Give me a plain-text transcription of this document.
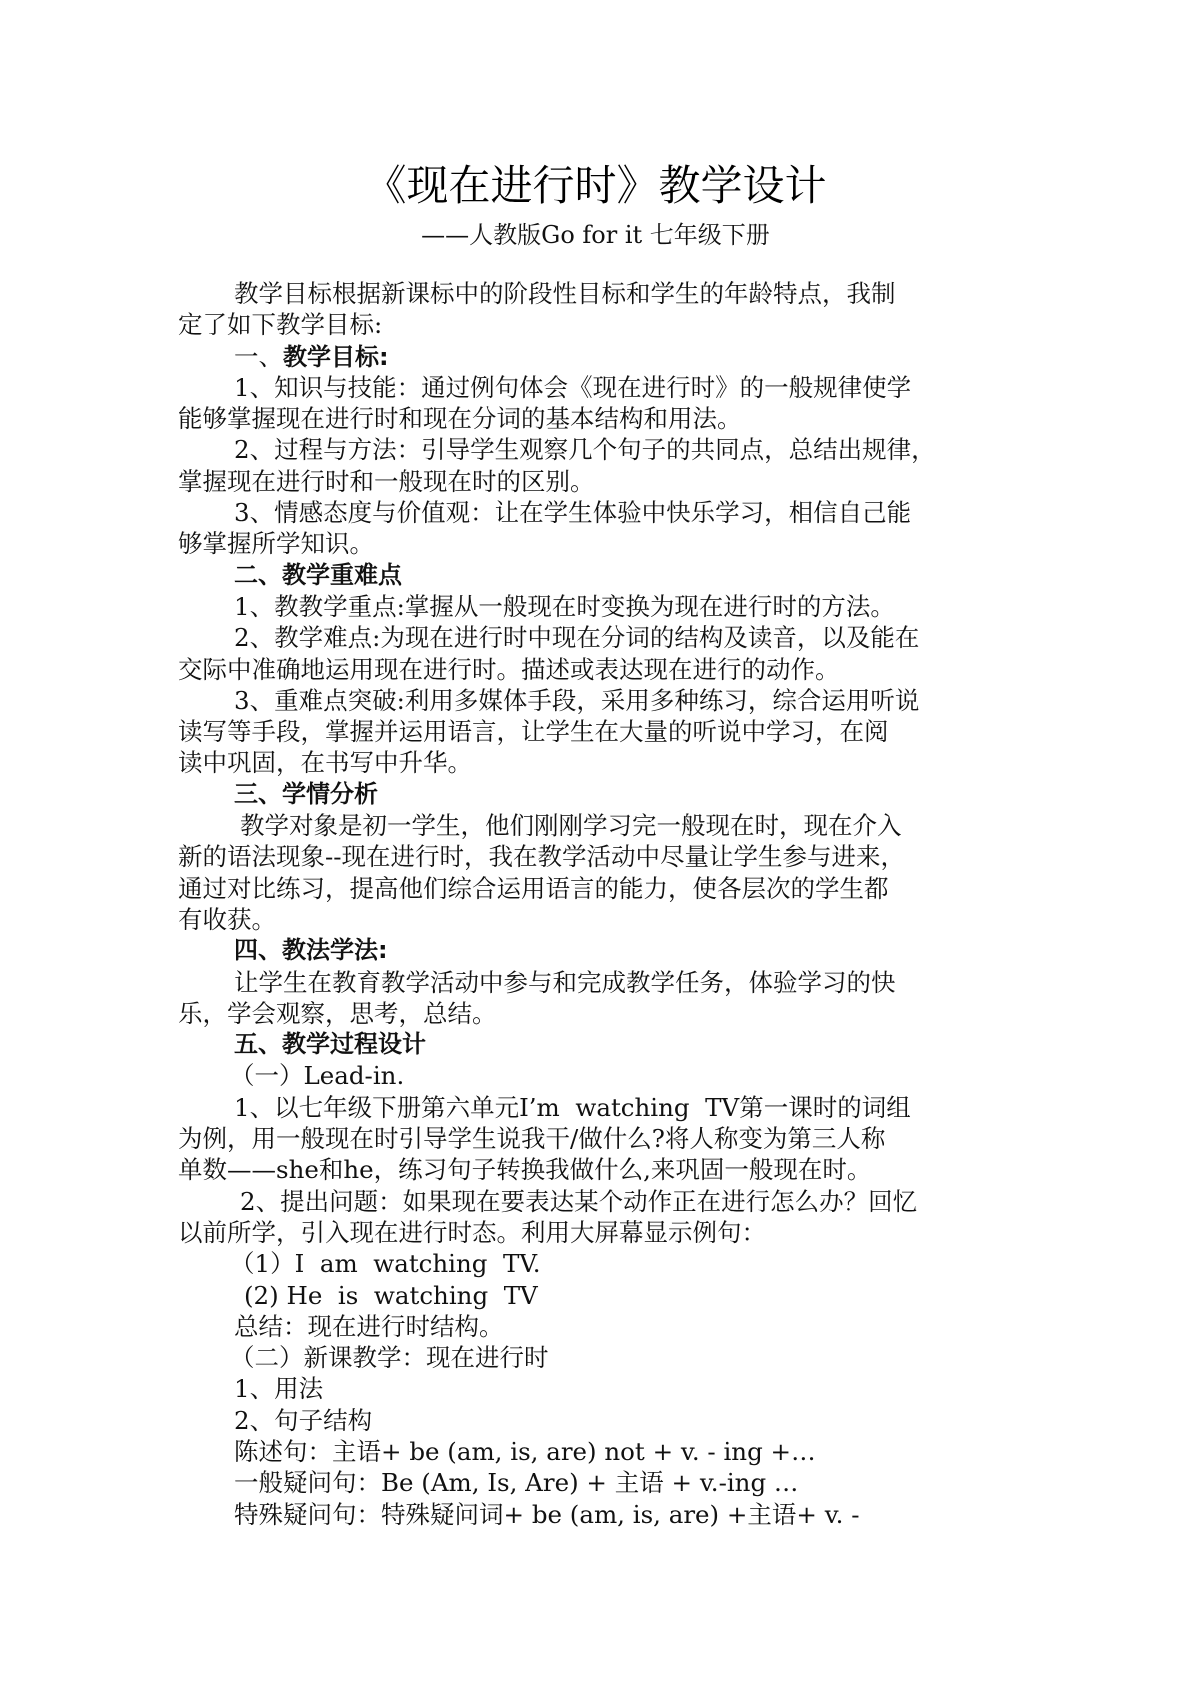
《现在进行时》教学设计
——人教版Go for it 七年级下册
教学目标根据新课标中的阶段性目标和学生的年龄特点，我制
定了如下教学目标:
一、教学目标:
1、知识与技能：通过例句体会《现在进行时》的一般规律使学
能够掌握现在进行时和现在分词的基本结构和用法。
2、过程与方法：引导学生观察几个句子的共同点，总结出规律，
掌握现在进行时和一般现在时的区别。
3、情感态度与价值观：让在学生体验中快乐学习，相信自己能
够掌握所学知识。
二、教学重难点
1、教教学重点:掌握从一般现在时变换为现在进行时的方法。
2、教学难点:为现在进行时中现在分词的结构及读音，以及能在
交际中准确地运用现在进行时。描述或表达现在进行的动作。
3、重难点突破:利用多媒体手段，采用多种练习，综合运用听说
读写等手段，掌握并运用语言，让学生在大量的听说中学习，在阅
读中巩固，在书写中升华。
三、学情分析
教学对象是初一学生，他们刚刚学习完一般现在时，现在介入
新的语法现象--现在进行时，我在教学活动中尽量让学生参与进来，
通过对比练习，提高他们综合运用语言的能力，使各层次的学生都
有收获。
四、教法学法:
让学生在教育教学活动中参与和完成教学任务，体验学习的快
乐，学会观察，思考，总结。
五、教学过程设计
（一）Lead-in.
1、以七年级下册第六单元I’m  watching  TV第一课时的词组
为例，用一般现在时引导学生说我干/做什么?将人称变为第三人称
单数——she和he，练习句子转换我做什么,来巩固一般现在时。
2、提出问题：如果现在要表达某个动作正在进行怎么办？回忆
以前所学，引入现在进行时态。利用大屏幕显示例句：
（1）I  am  watching  TV.
(2) He  is  watching  TV
总结：现在进行时结构。
（二）新课教学：现在进行时
1、用法
2、句子结构
陈述句：主语+ be (am, is, are) not + v. - ing +…
一般疑问句：Be (Am, Is, Are) + 主语 + v.-ing …
特殊疑问句：特殊疑问词+ be (am, is, are) +主语+ v. -
